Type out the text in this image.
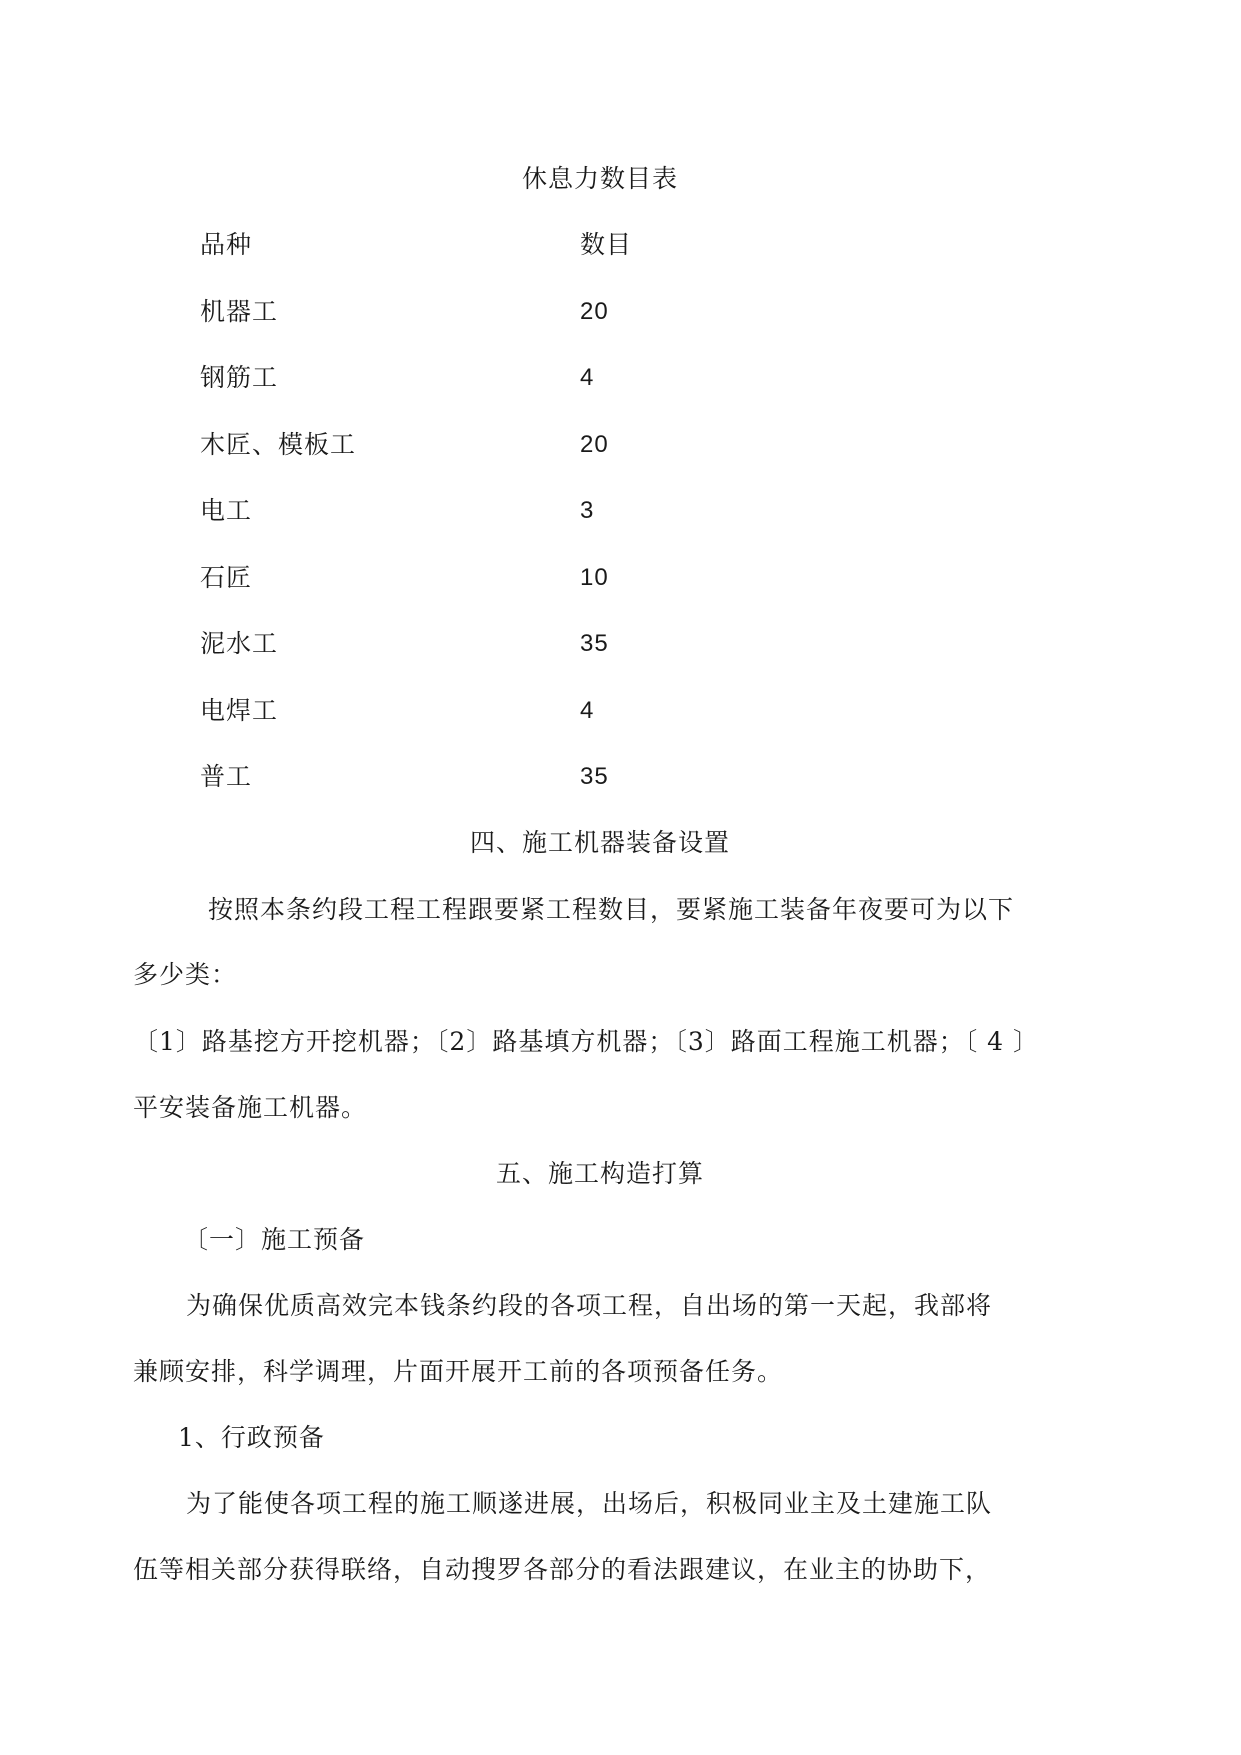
休息力数目表
品种	数目
机器工	20
钢筋工	4
木匠、模板工	20
电工	3
石匠	10
泥水工	35
电焊工	4
普工	35
四、施工机器装备设置
按照本条约段工程工程跟要紧工程数目，要紧施工装备年夜要可为以下
多少类：
〔1〕路基挖方开挖机器；〔2〕路基填方机器；〔3〕路面工程施工机器；〔 4 〕
平安装备施工机器。
五、施工构造打算
〔一〕施工预备
为确保优质高效完本钱条约段的各项工程，自出场的第一天起，我部将
兼顾安排，科学调理，片面开展开工前的各项预备任务。
1、行政预备
为了能使各项工程的施工顺遂进展，出场后，积极同业主及土建施工队
伍等相关部分获得联络，自动搜罗各部分的看法跟建议，在业主的协助下，
